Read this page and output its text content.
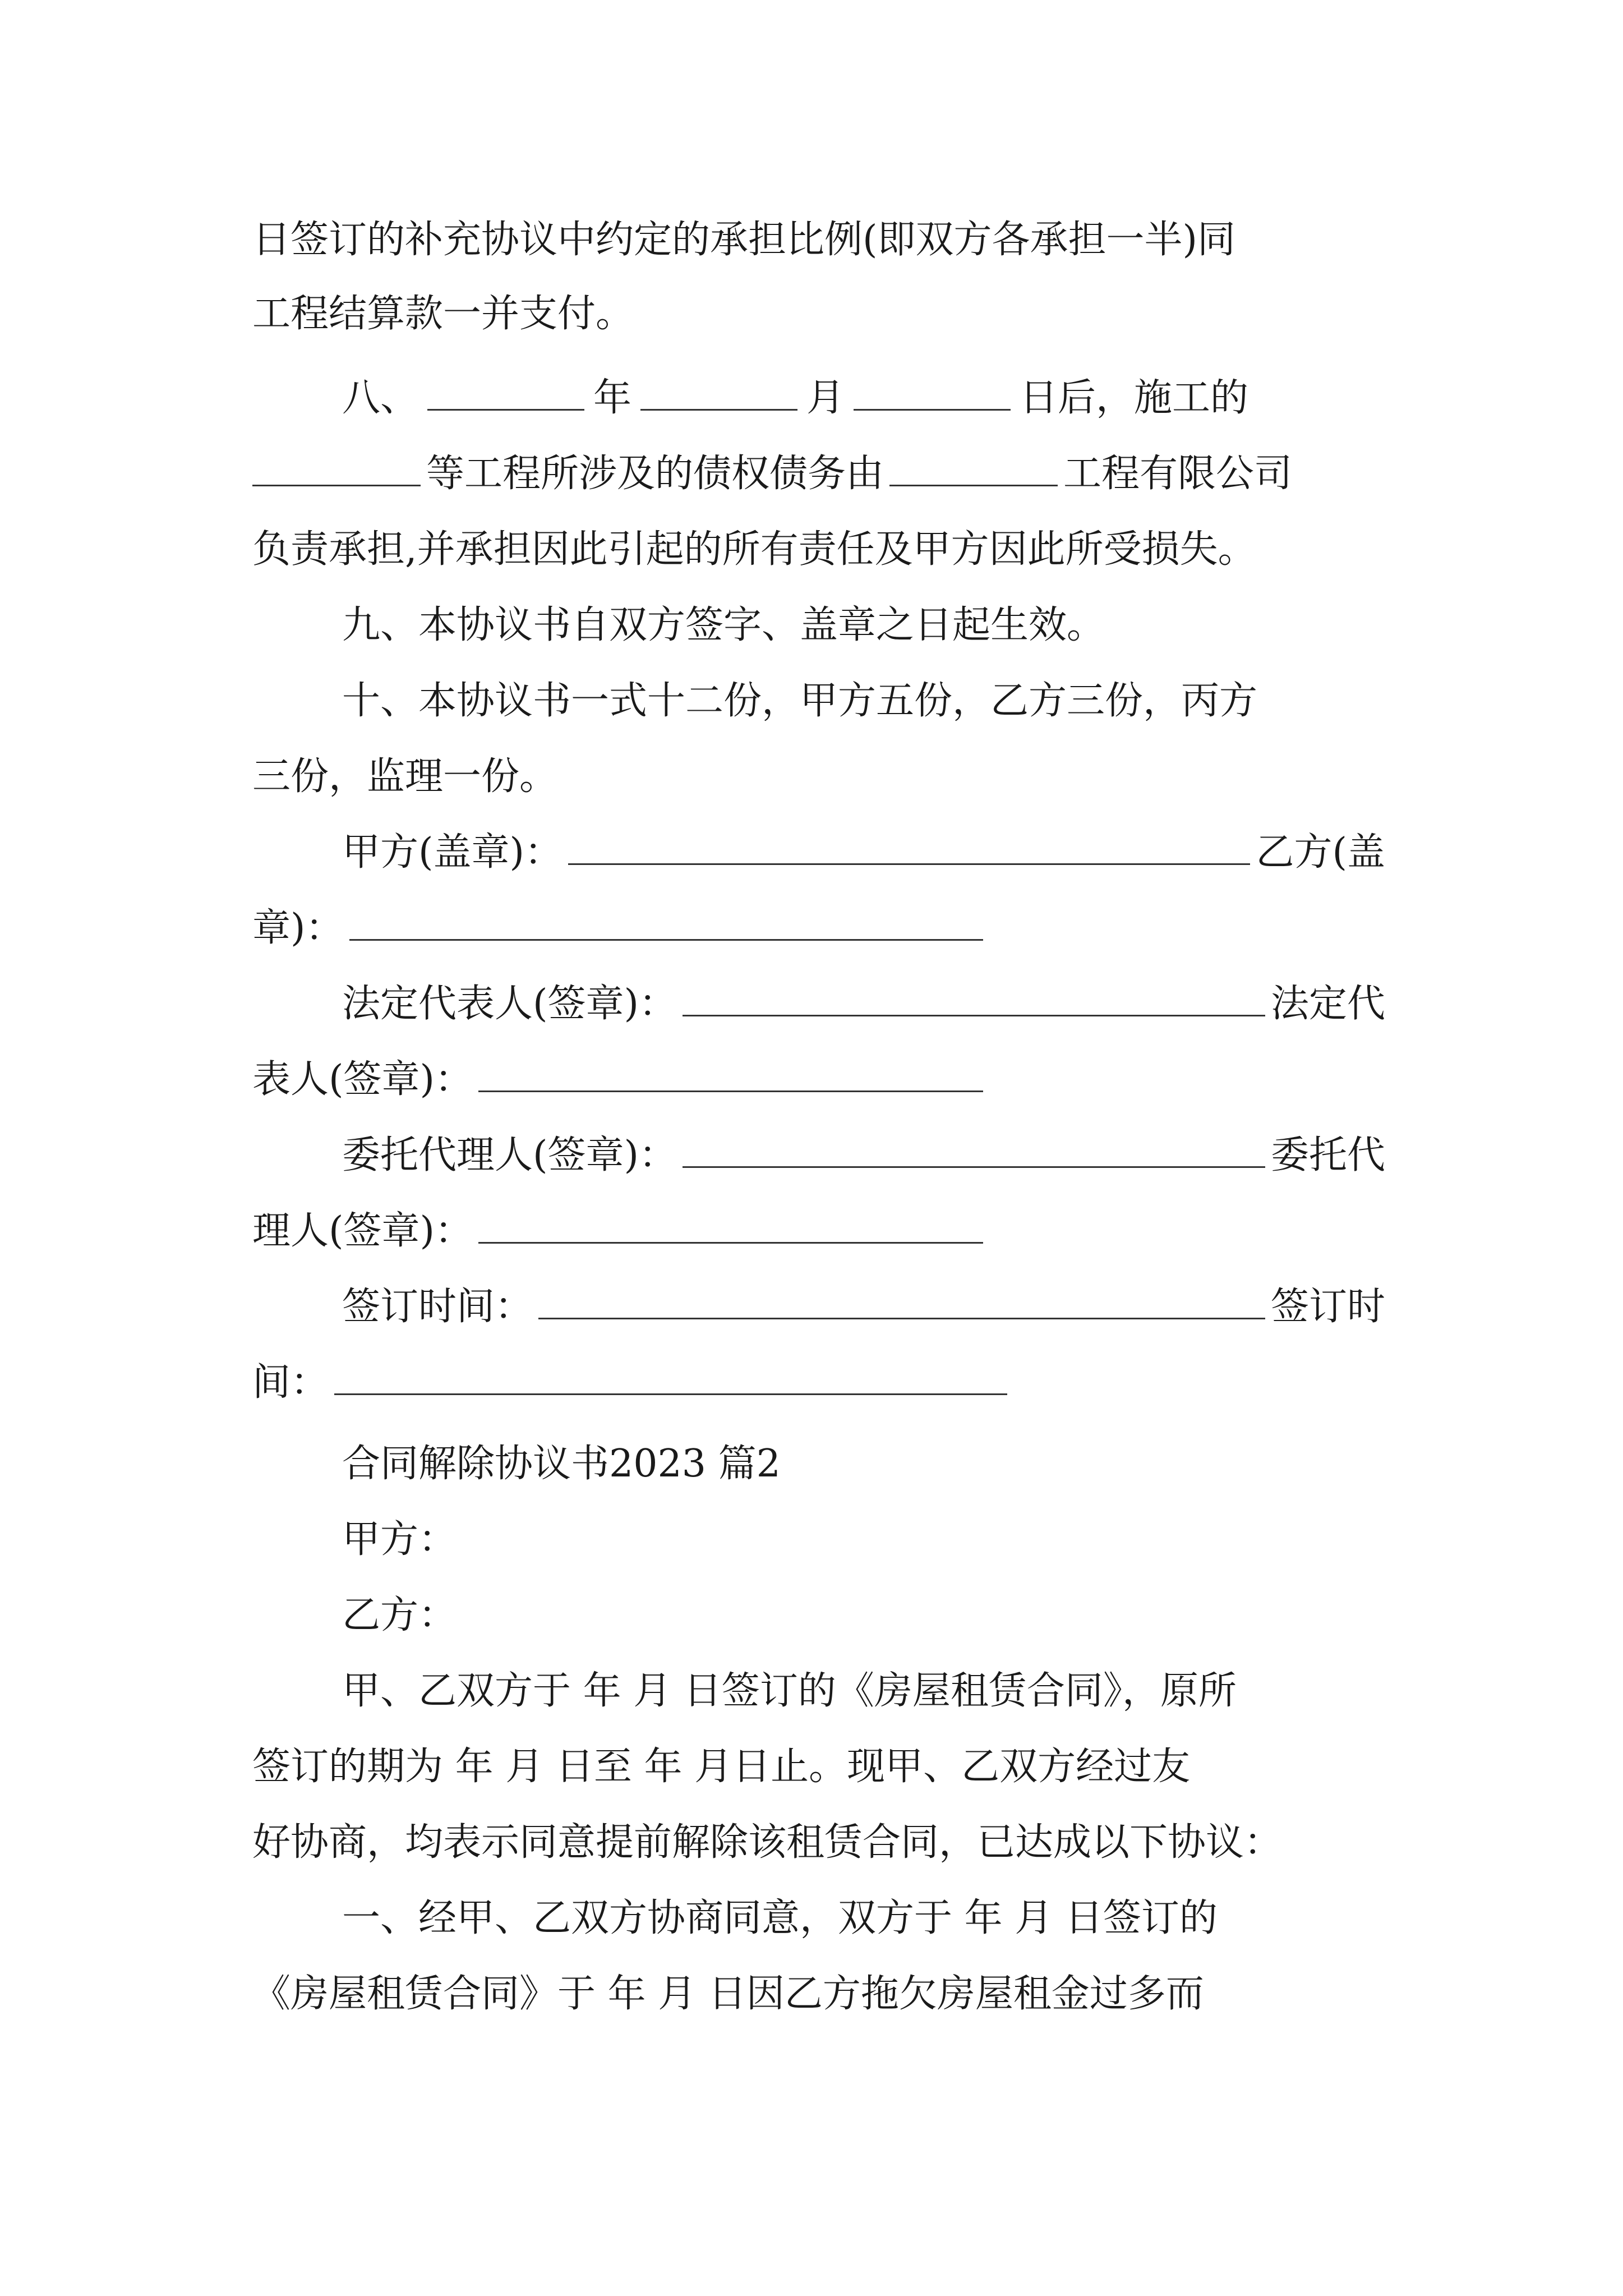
日签订的补充协议中约定的承担比例(即双方各承担一半)同
工程结算款一并支付。
八、	年	月	日后，施工的
等工程所涉及的债权债务由	工程有限公司
负责承担,并承担因此引起的所有责任及甲方因此所受损失。
九、本协议书自双方签字、盖章之日起生效。
十、本协议书一式十二份，甲方五份，乙方三份，丙方
三份，监理一份。
甲方(盖章)：	乙方(盖
章)：
法定代表人(签章)：	法定代
表人(签章)：
委托代理人(签章)：	委托代
理人(签章)：
签订时间：	签订时
间：
合同解除协议书2023 篇2
甲方：
乙方：
甲、乙双方于 年 月 日签订的《房屋租赁合同》，原所
签订的期为 年 月 日至 年 月日止。现甲、乙双方经过友
好协商，均表示同意提前解除该租赁合同，已达成以下协议：
一、经甲、乙双方协商同意，双方于 年 月 日签订的
《房屋租赁合同》于 年 月 日因乙方拖欠房屋租金过多而
